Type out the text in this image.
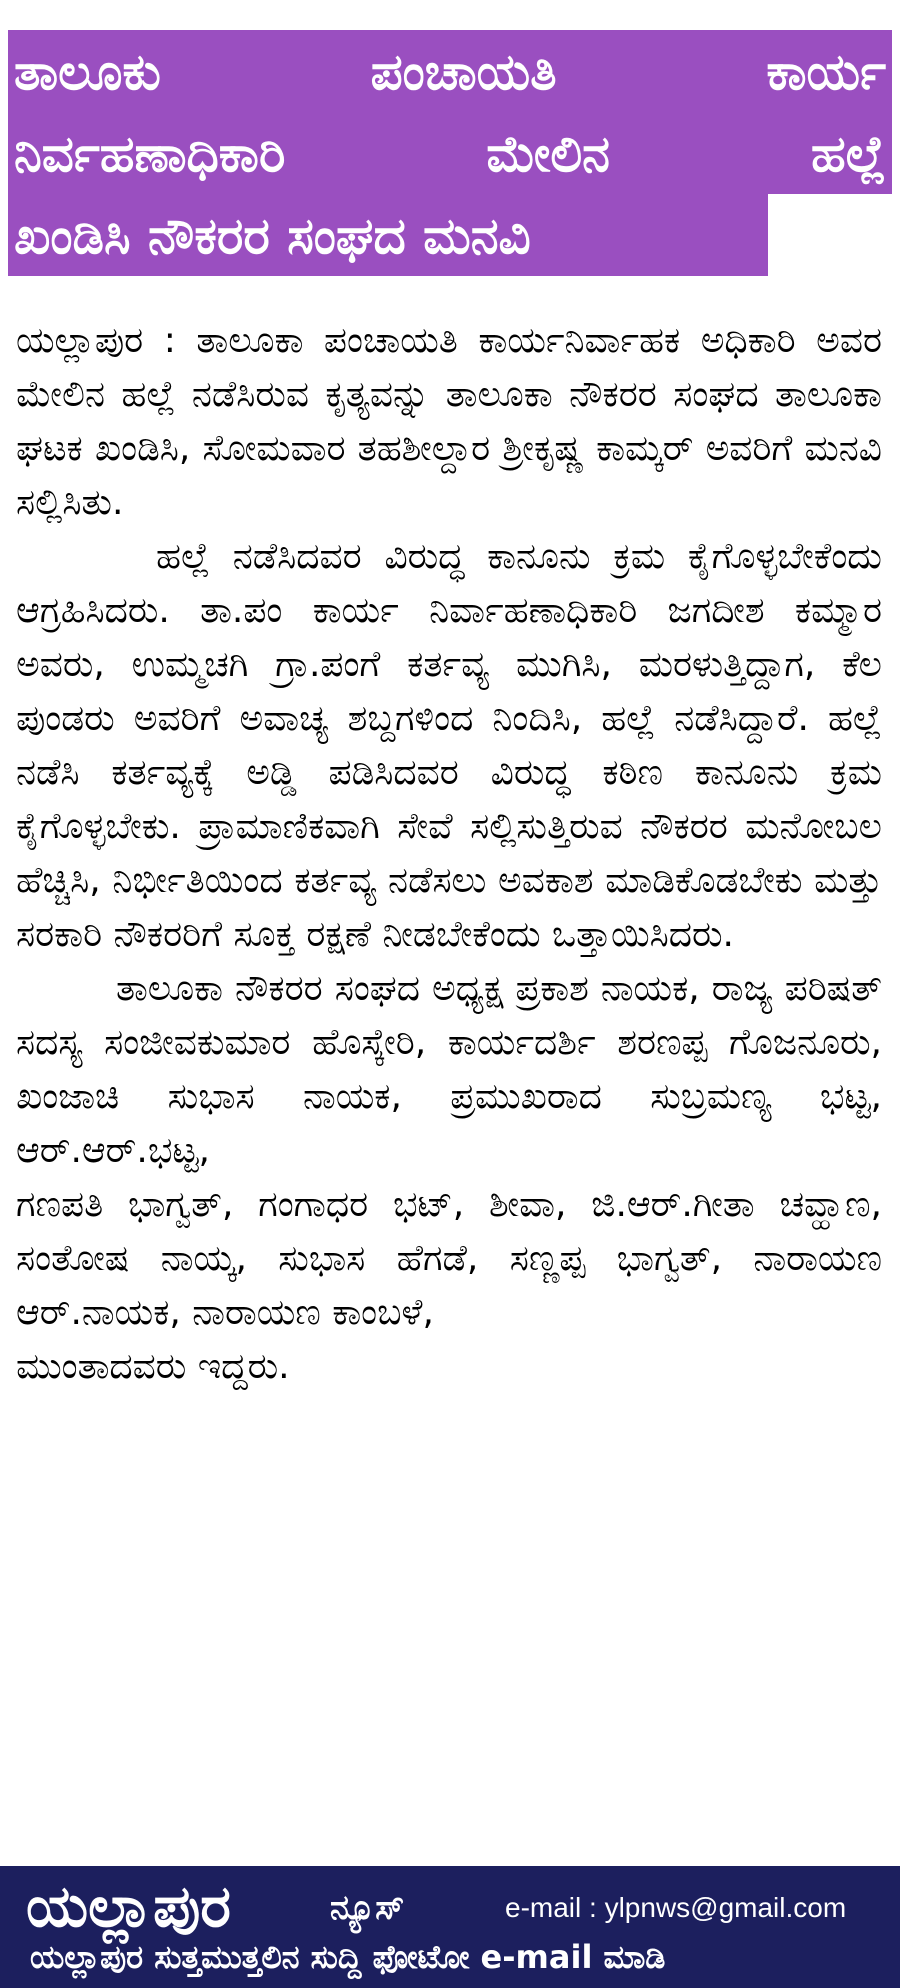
ತಾಲೂಕು ಪಂಚಾಯತಿ ಕಾರ್ಯ
ನಿರ್ವಹಣಾಧಿಕಾರಿ ಮೇಲಿನ ಹಲ್ಲೆ
ಖಂಡಿಸಿ ನೌಕರರ ಸಂಘದ ಮನವಿ

ಯಲ್ಲಾಪುರ : ತಾಲೂಕಾ ಪಂಚಾಯತಿ ಕಾರ್ಯನಿರ್ವಾಹಕ ಅಧಿಕಾರಿ ಅವರ ಮೇಲಿನ ಹಲ್ಲೆ ನಡೆಸಿರುವ ಕೃತ್ಯವನ್ನು ತಾಲೂಕಾ ನೌಕರರ ಸಂಘದ ತಾಲೂಕಾ ಘಟಕ ಖಂಡಿಸಿ, ಸೋಮವಾರ ತಹಶೀಲ್ದಾರ ಶ್ರೀಕೃಷ್ಣ ಕಾಮ್ಕರ್ ಅವರಿಗೆ ಮನವಿ ಸಲ್ಲಿಸಿತು.

ಹಲ್ಲೆ ನಡೆಸಿದವರ ವಿರುದ್ಧ ಕಾನೂನು ಕ್ರಮ ಕೈಗೊಳ್ಳಬೇಕೆಂದು ಆಗ್ರಹಿಸಿದರು. ತಾ.ಪಂ ಕಾರ್ಯ ನಿರ್ವಾಹಣಾಧಿಕಾರಿ ಜಗದೀಶ ಕಮ್ಮಾರ ಅವರು, ಉಮ್ಮಚಗಿ ಗ್ರಾ.ಪಂಗೆ ಕರ್ತವ್ಯ ಮುಗಿಸಿ, ಮರಳುತ್ತಿದ್ದಾಗ, ಕೆಲ ಪುಂಡರು ಅವರಿಗೆ ಅವಾಚ್ಯ ಶಬ್ದಗಳಿಂದ ನಿಂದಿಸಿ, ಹಲ್ಲೆ ನಡೆಸಿದ್ದಾರೆ. ಹಲ್ಲೆ ನಡೆಸಿ ಕರ್ತವ್ಯಕ್ಕೆ ಅಡ್ಡಿ ಪಡಿಸಿದವರ ವಿರುದ್ಧ ಕಠಿಣ ಕಾನೂನು ಕ್ರಮ ಕೈಗೊಳ್ಳಬೇಕು. ಪ್ರಾಮಾಣಿಕವಾಗಿ ಸೇವೆ ಸಲ್ಲಿಸುತ್ತಿರುವ ನೌಕರರ ಮನೋಬಲ ಹೆಚ್ಚಿಸಿ, ನಿರ್ಭೀತಿಯಿಂದ ಕರ್ತವ್ಯ ನಡೆಸಲು ಅವಕಾಶ ಮಾಡಿಕೊಡಬೇಕು ಮತ್ತು ಸರಕಾರಿ ನೌಕರರಿಗೆ ಸೂಕ್ತ ರಕ್ಷಣೆ ನೀಡಬೇಕೆಂದು ಒತ್ತಾಯಿಸಿದರು.

ತಾಲೂಕಾ ನೌಕರರ ಸಂಘದ ಅಧ್ಯಕ್ಷ ಪ್ರಕಾಶ ನಾಯಕ, ರಾಜ್ಯ ಪರಿಷತ್ ಸದಸ್ಯ ಸಂಜೀವಕುಮಾರ ಹೊಸ್ಕೇರಿ, ಕಾರ್ಯದರ್ಶಿ ಶರಣಪ್ಪ ಗೊಜನೂರು, ಖಂಜಾಚಿ ಸುಭಾಸ ನಾಯಕ, ಪ್ರಮುಖರಾದ ಸುಬ್ರಮಣ್ಯ ಭಟ್ಟ, ಆರ್.ಆರ್.ಭಟ್ಟ,

ಗಣಪತಿ ಭಾಗ್ವತ್, ಗಂಗಾಧರ ಭಟ್, ಶೀವಾ, ಜಿ.ಆರ್.ಗೀತಾ ಚವ್ಹಾಣ, ಸಂತೋಷ ನಾಯ್ಕ, ಸುಭಾಸ ಹೆಗಡೆ, ಸಣ್ಣಪ್ಪ ಭಾಗ್ವತ್, ನಾರಾಯಣ ಆರ್.ನಾಯಕ, ನಾರಾಯಣ ಕಾಂಬಳೆ,

ಮುಂತಾದವರು ಇದ್ದರು.

ಯಲ್ಲಾಪುರ	ನ್ಯೂಸ್	e-mail : ylpnws@gmail.com
ಯಲ್ಲಾಪುರ ಸುತ್ತಮುತ್ತಲಿನ ಸುದ್ದಿ ಫೋಟೋ e-mail ಮಾಡಿ
